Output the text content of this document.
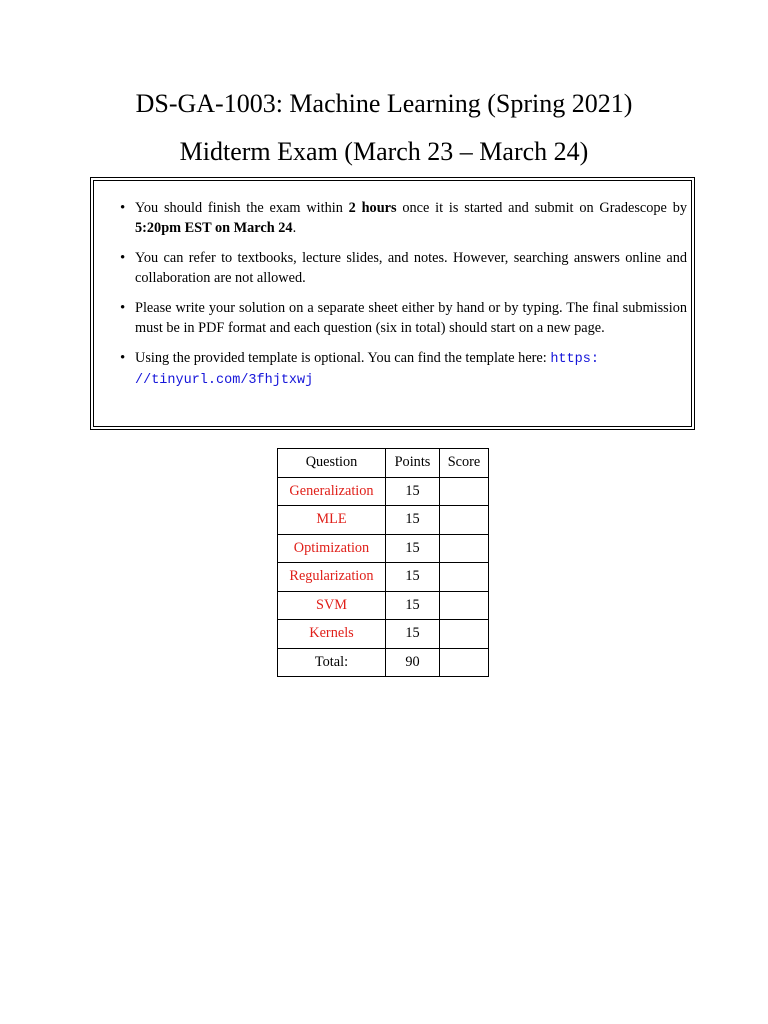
DS-GA-1003: Machine Learning (Spring 2021)
Midterm Exam (March 23 – March 24)
• You should finish the exam within 2 hours once it is started and submit on Gradescope by 5:20pm EST on March 24.
• You can refer to textbooks, lecture slides, and notes. However, searching answers online and collaboration are not allowed.
• Please write your solution on a separate sheet either by hand or by typing. The final submission must be in PDF format and each question (six in total) should start on a new page.
• Using the provided template is optional. You can find the template here: https:
//tinyurl.com/3fhjtxwj
Question	Points	Score
Generalization	15	
MLE	15	
Optimization	15	
Regularization	15	
SVM	15	
Kernels	15	
Total:	90	
